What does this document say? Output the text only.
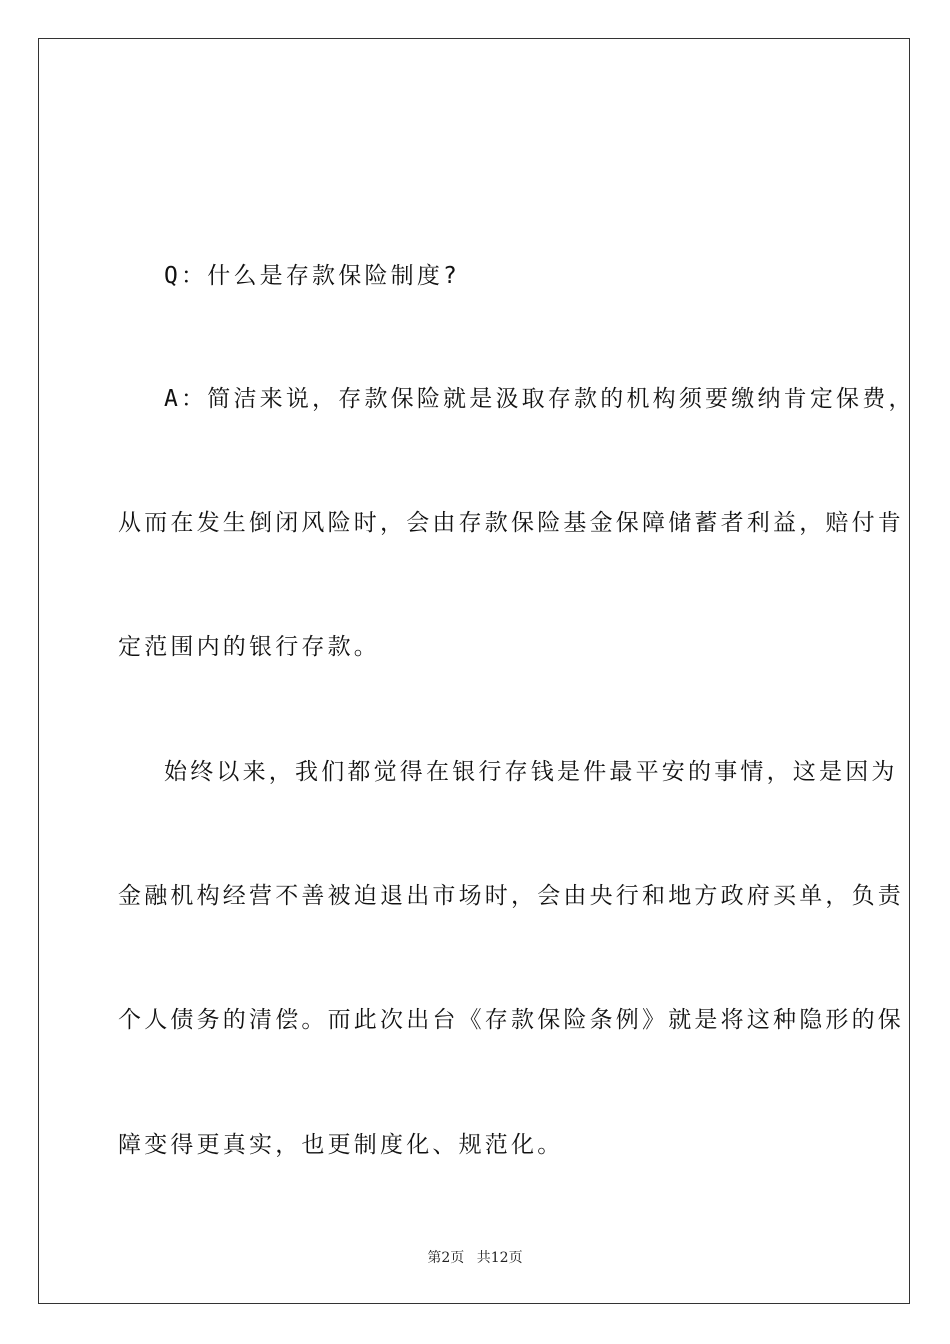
Q：什么是存款保险制度?
A：简洁来说，存款保险就是汲取存款的机构须要缴纳肯定保费，
从而在发生倒闭风险时，会由存款保险基金保障储蓄者利益，赔付肯
定范围内的银行存款。
始终以来，我们都觉得在银行存钱是件最平安的事情，这是因为
金融机构经营不善被迫退出市场时，会由央行和地方政府买单，负责
个人债务的清偿。而此次出台《存款保险条例》就是将这种隐形的保
障变得更真实，也更制度化、规范化。
第2页 共12页
